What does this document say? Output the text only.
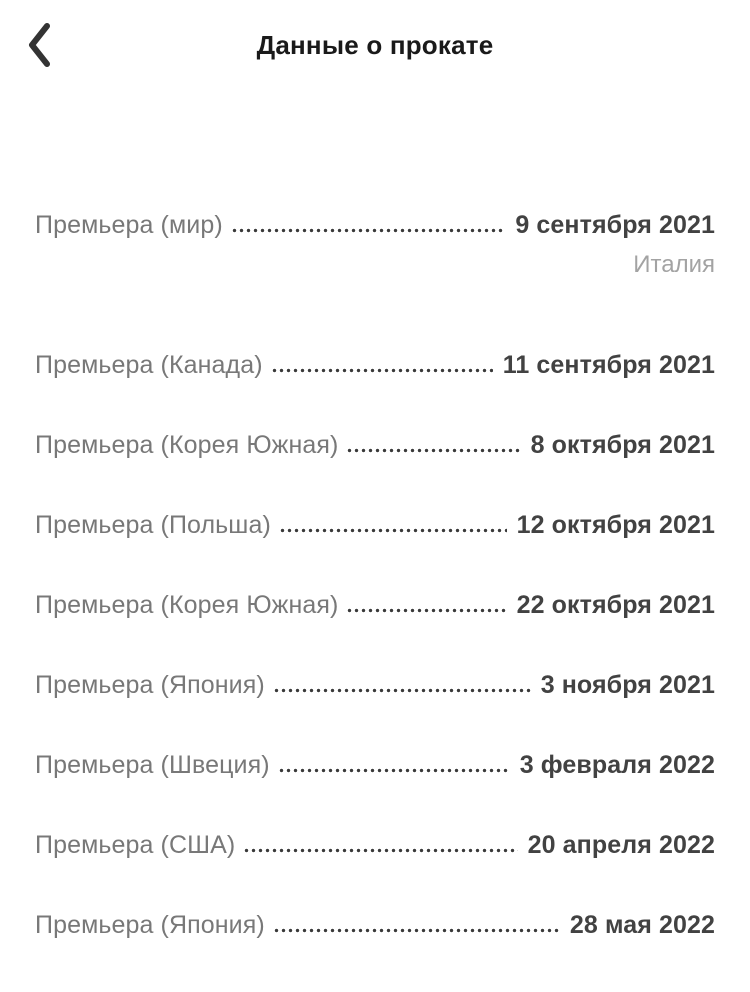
Данные о прокате
Премьера (мир)	9 сентября 2021
Италия
Премьера (Канада)	11 сентября 2021
Премьера (Корея Южная)	8 октября 2021
Премьера (Польша)	12 октября 2021
Премьера (Корея Южная)	22 октября 2021
Премьера (Япония)	3 ноября 2021
Премьера (Швеция)	3 февраля 2022
Премьера (США)	20 апреля 2022
Премьера (Япония)	28 мая 2022
